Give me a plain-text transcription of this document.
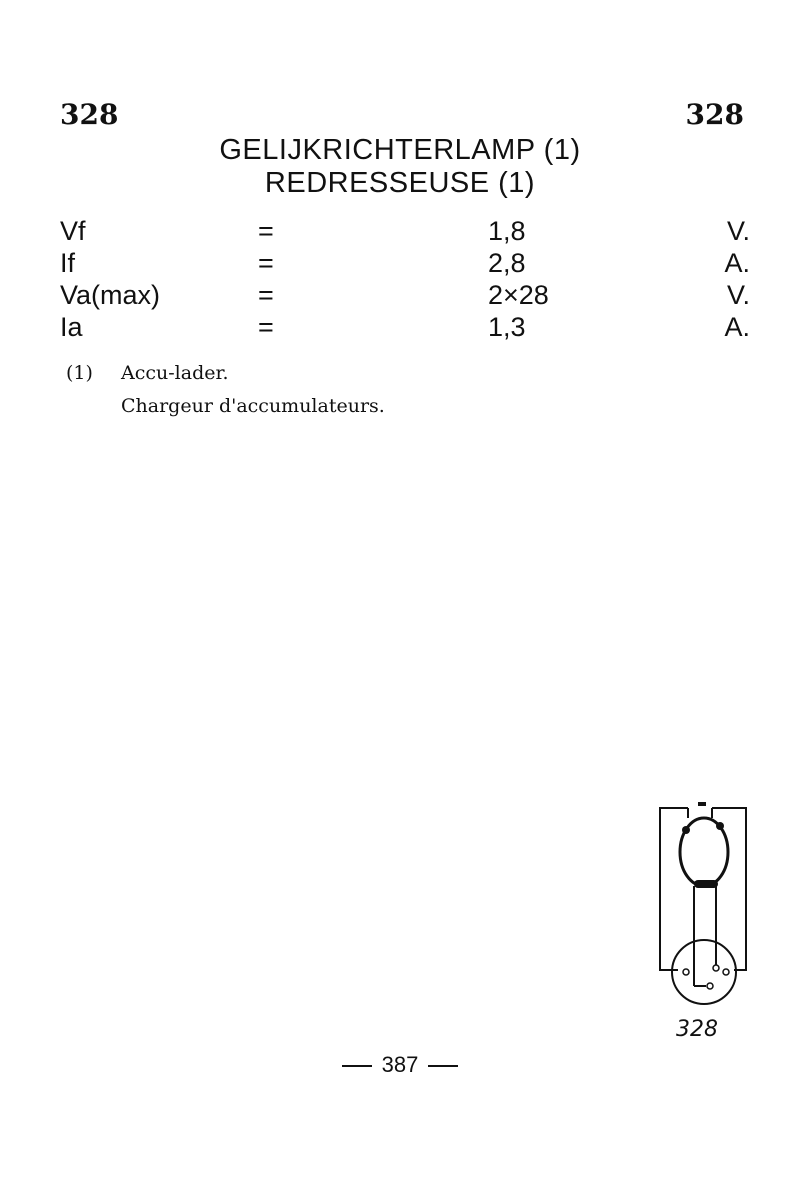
328	328
GELIJKRICHTERLAMP (1)
REDRESSEUSE (1)
Vf	=	1,8	V.
If	=	2,8	A.
Va(max)	=	2×28	V.
Ia	=	1,3	A.
(1) Accu-lader.
Chargeur d'accumulateurs.
328
387
